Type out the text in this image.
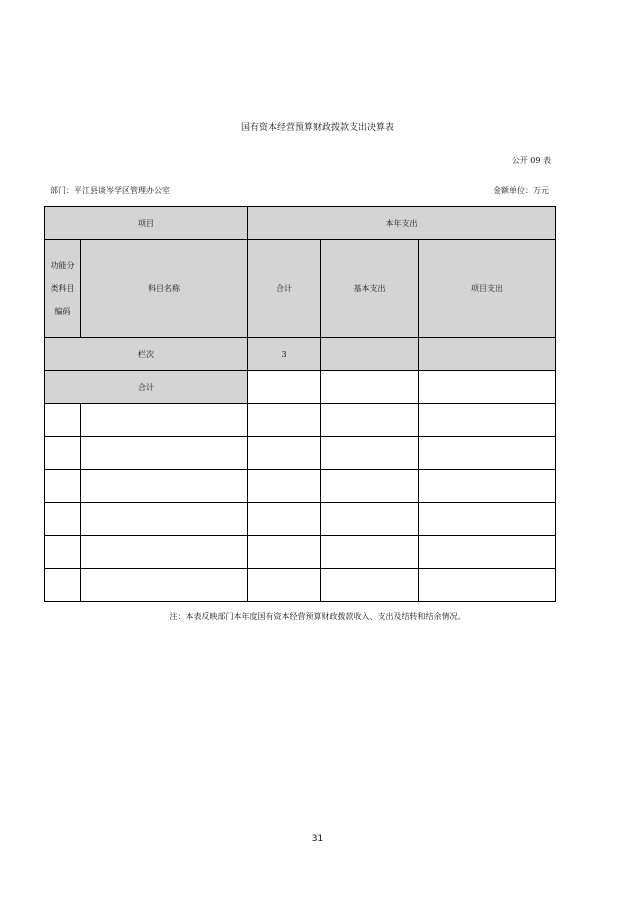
国有资本经营预算财政拨款支出决算表
公开 09 表
部门：平江县谈岑学区管理办公室	金额单位：万元
项目		本年支出		

功能分
类科目
编码	科目名称	合计	基本支出	项目支出
栏次		3		
合计				

注：本表反映部门本年度国有资本经营预算财政拨款收入、支出及结转和结余情况。
31
